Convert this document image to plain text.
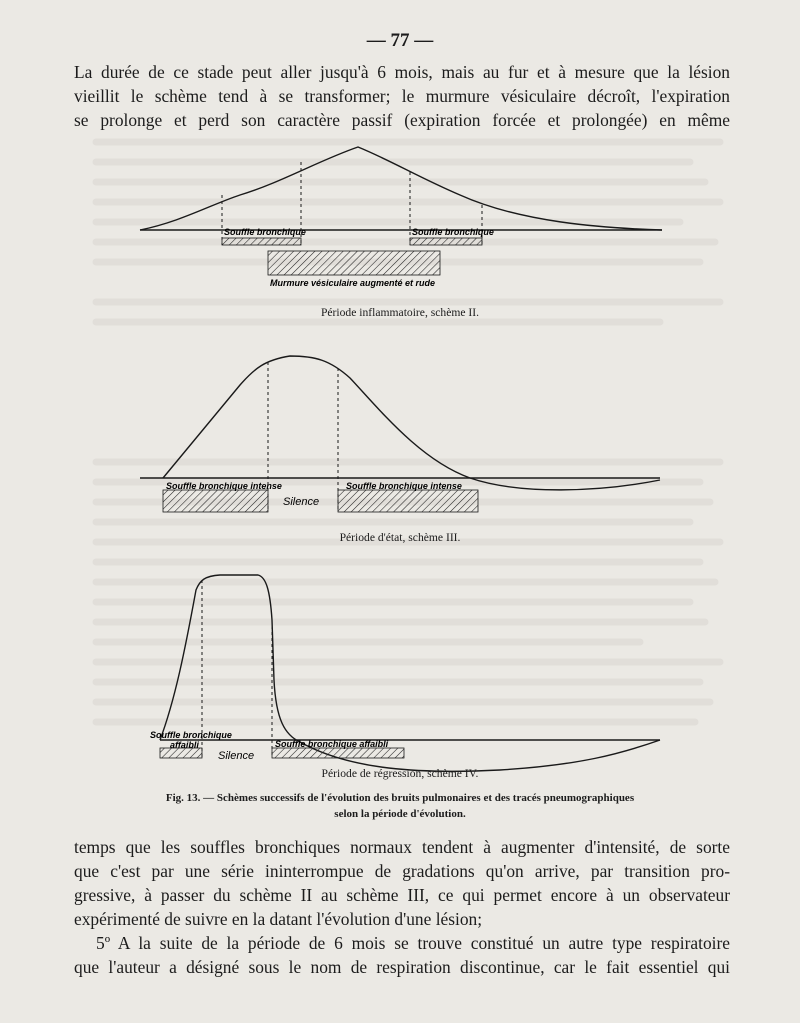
— 77 —
La durée de ce stade peut aller jusqu'à 6 mois, mais au fur et à mesure que la lésion
vieillit le schème tend à se transformer; le murmure vésiculaire décroît, l'expiration
se prolonge et perd son caractère passif (expiration forcée et prolongée) en même
Souffle bronchique	Souffle bronchique
Murmure vésiculaire augmenté et rude
Souffle bronchique intense
Silence
Souffle bronchique intense
Souffle bronchique
affaibli
Silence
Souffle bronchique affaibli
Période inflammatoire, schème II.
Période d'état, schème III.
Période de régression, schème IV.
Fig. 13. — Schèmes successifs de l'évolution des bruits pulmonaires et des tracés pneumographiques
selon la période d'évolution.
temps que les souffles bronchiques normaux tendent à augmenter d'intensité, de sorte
que c'est par une série ininterrompue de gradations qu'on arrive, par transition pro-
gressive, à passer du schème II au schème III, ce qui permet encore à un observateur
expérimenté de suivre en la datant l'évolution d'une lésion;
5º A la suite de la période de 6 mois se trouve constitué un autre type respiratoire
que l'auteur a désigné sous le nom de respiration discontinue, car le fait essentiel qui
